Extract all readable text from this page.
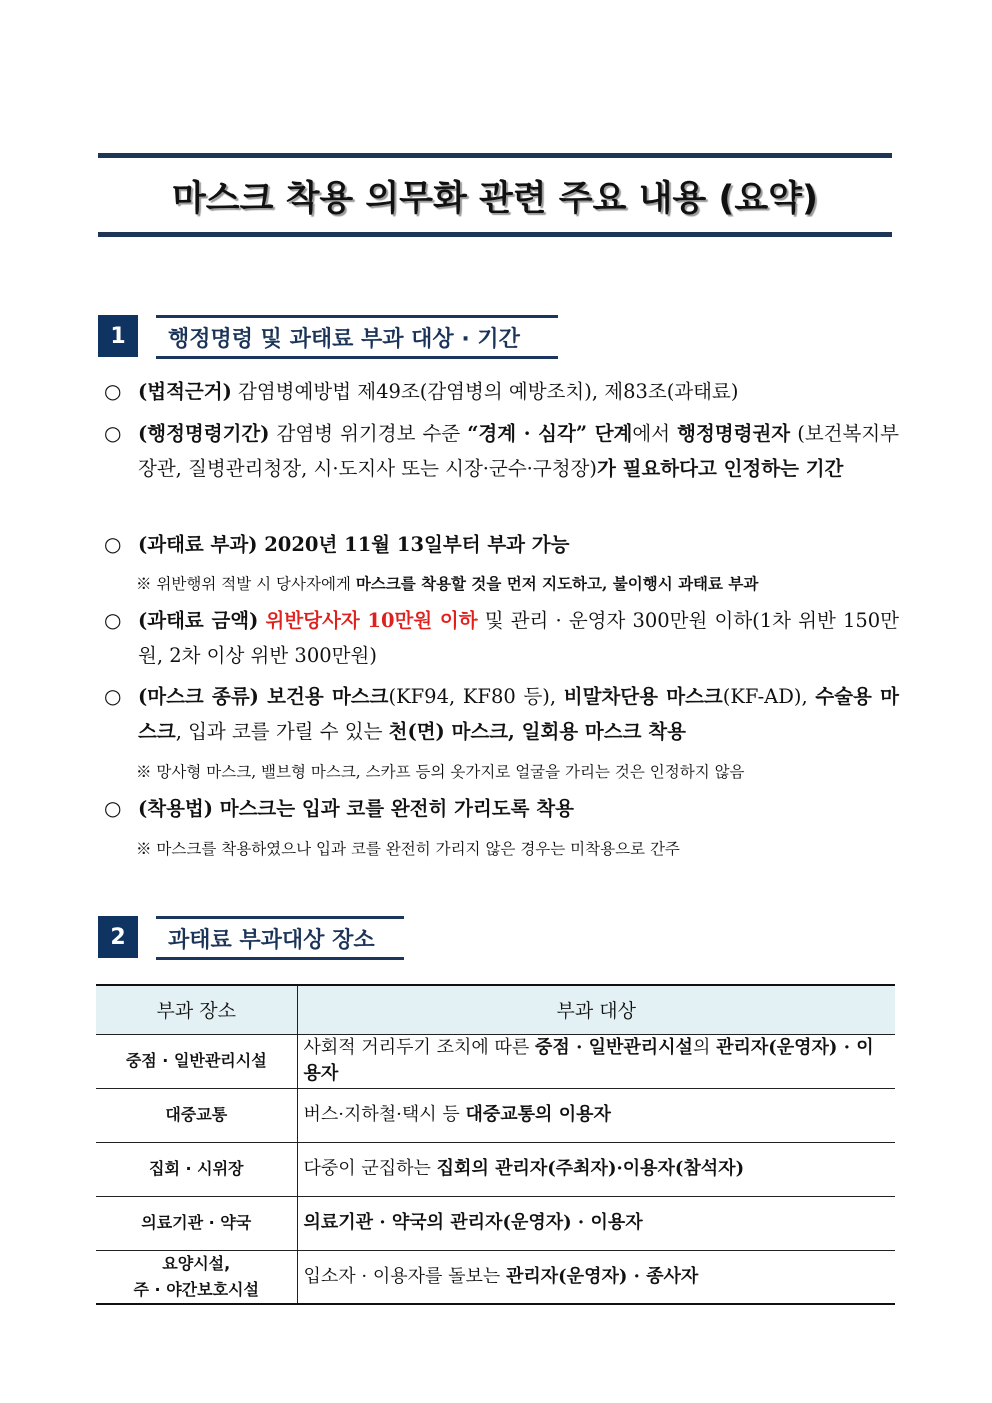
마스크 착용 의무화 관련 주요 내용 (요약)
1	행정명령 및 과태료 부과 대상 · 기간
○ (법적근거) 감염병예방법 제49조(감염병의 예방조치), 제83조(과태료)
○ (행정명령기간) 감염병 위기경보 수준 “경계 · 심각” 단계에서 행정명령권자 (보건복지부장관, 질병관리청장, 시·도지사 또는 시장·군수·구청장)가 필요하다고 인정하는 기간
○ (과태료 부과) 2020년 11월 13일부터 부과 가능
※ 위반행위 적발 시 당사자에게 마스크를 착용할 것을 먼저 지도하고, 불이행시 과태료 부과
○ (과태료 금액) 위반당사자 10만원 이하 및 관리 · 운영자 300만원 이하(1차 위반 150만원, 2차 이상 위반 300만원)
○ (마스크 종류) 보건용 마스크(KF94, KF80 등), 비말차단용 마스크(KF-AD), 수술용 마스크, 입과 코를 가릴 수 있는 천(면) 마스크, 일회용 마스크 착용
※ 망사형 마스크, 밸브형 마스크, 스카프 등의 옷가지로 얼굴을 가리는 것은 인정하지 않음
○ (착용법) 마스크는 입과 코를 완전히 가리도록 착용
※ 마스크를 착용하였으나 입과 코를 완전히 가리지 않은 경우는 미착용으로 간주
2	과태료 부과대상 장소
부과 장소	부과 대상
중점 · 일반관리시설	사회적 거리두기 조치에 따른 중점 · 일반관리시설의 관리자(운영자) · 이용자
대중교통	버스·지하철·택시 등 대중교통의 이용자
집회 · 시위장	다중이 군집하는 집회의 관리자(주최자)·이용자(참석자)
의료기관 · 약국	의료기관 · 약국의 관리자(운영자) · 이용자

요양시설,
주 · 야간보호시설	입소자 · 이용자를 돌보는 관리자(운영자) · 종사자
